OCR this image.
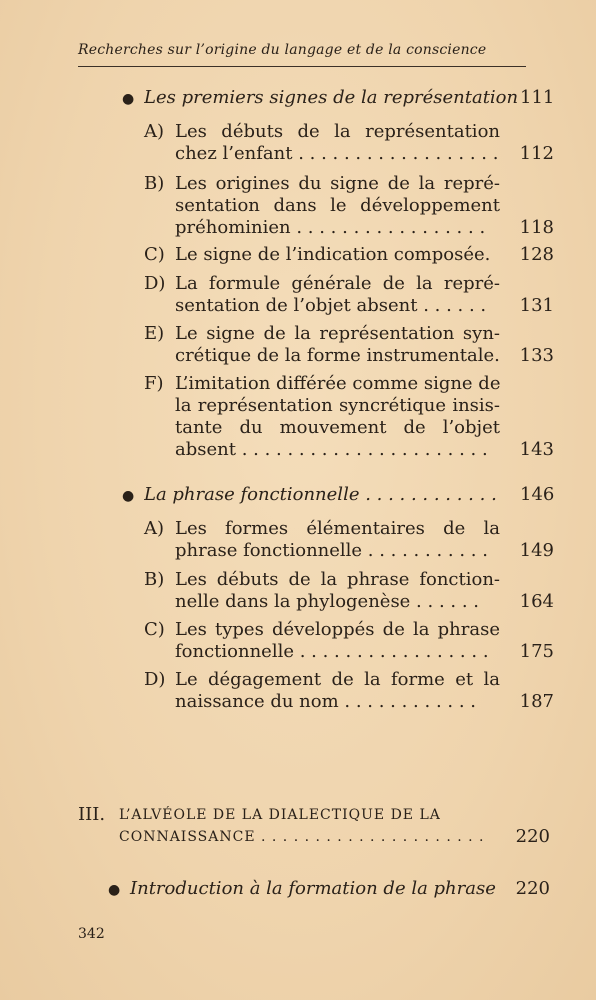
Recherches sur l’origine du langage et de la conscience
● Les premiers signes de la représentation 111
A) Les débuts de la représentation
chez l’enfant . . . . . . . . . . . . . . . . . . 112
B) Les origines du signe de la repré-
sentation dans le développement
préhominien . . . . . . . . . . . . . . . . .	118
C) Le signe de l’indication composée.	128
D) La formule générale de la repré-
sentation de l’objet absent . . . . . .	131
E) Le signe de la représentation syn-
crétique de la forme instrumentale. 133
F) L’imitation différée comme signe de
la représentation syncrétique insis-
tante du mouvement de l’objet
absent . . . . . . . . . . . . . . . . . . . . . .	143
● La phrase fonctionnelle . . . . . . . . . . . .	146
A) Les formes élémentaires de la
phrase fonctionnelle . . . . . . . . . . .	149
B) Les débuts de la phrase fonction-
nelle dans la phylogenèse . . . . . .	164
C) Les types développés de la phrase
fonctionnelle . . . . . . . . . . . . . . . . .	175
D) Le dégagement de la forme et la
naissance du nom . . . . . . . . . . . .	187
III. L’ALVÉOLE DE LA DIALECTIQUE DE LA
CONNAISSANCE . . . . . . . . . . . . . . . . . . . . .	220
● Introduction à la formation de la phrase	220
342
